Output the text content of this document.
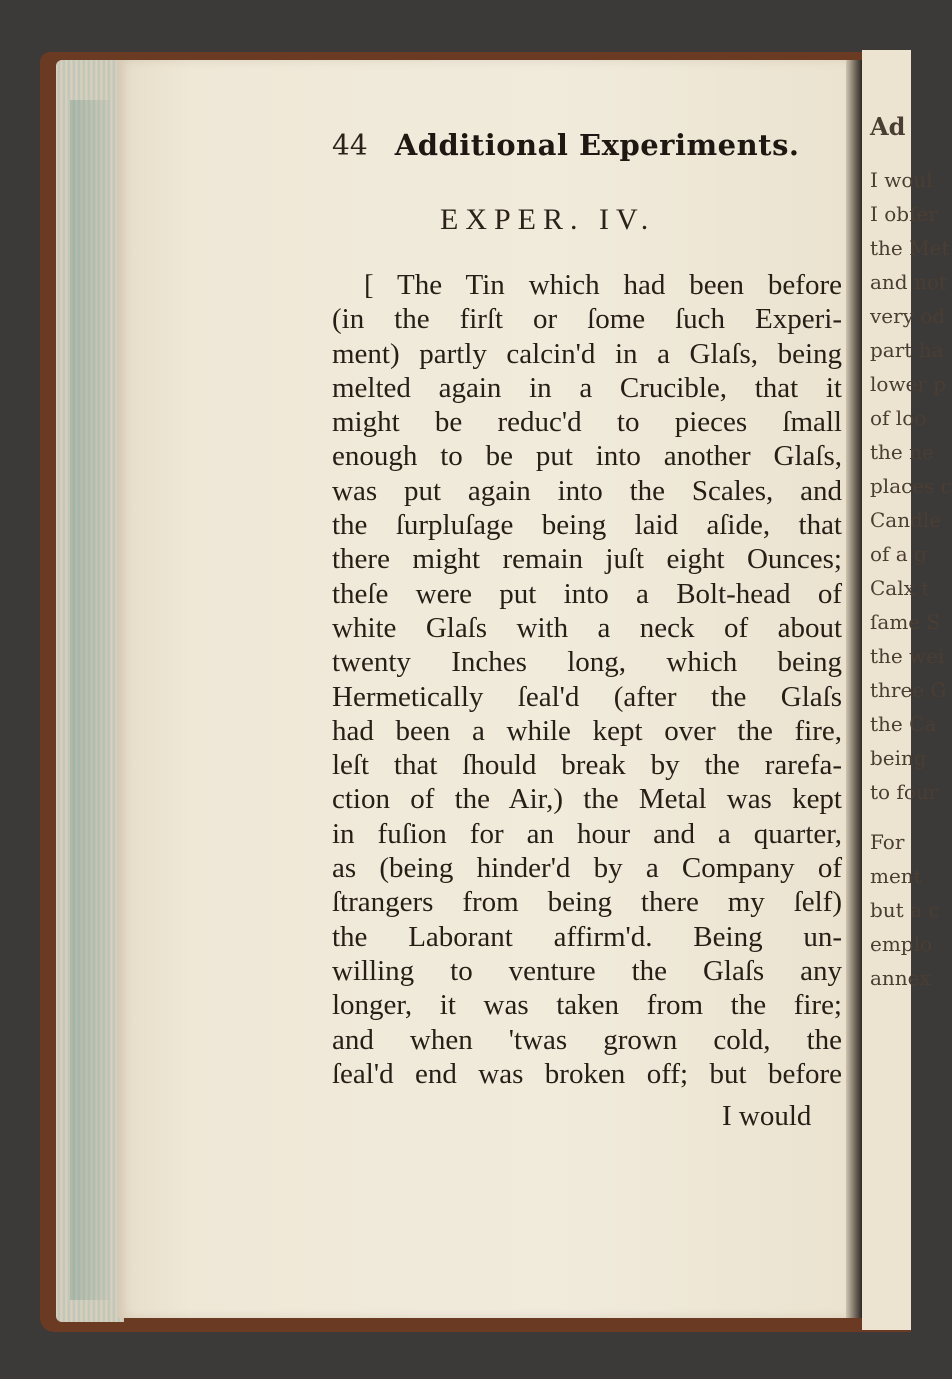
Ad
I woul
I obſer
the Met
and not
very od
part ha
lower p
of loo
the ne
places c
Candle
of a g
Calx t
ſame S
the wei
three G
the Ca
being
to four
For
ment
but a c
emplo
annex
44 Additional Experiments.
EXPER. IV.
[ The Tin which had been before
(in the firſt or ſome ſuch Experi-
ment) partly calcin'd in a Glaſs, being
melted again in a Crucible, that it
might be reduc'd to pieces ſmall
enough to be put into another Glaſs,
was put again into the Scales, and
the ſurpluſage being laid aſide, that
there might remain juſt eight Ounces;
theſe were put into a Bolt-head of
white Glaſs with a neck of about
twenty Inches long, which being
Hermetically ſeal'd (after the Glaſs
had been a while kept over the fire,
leſt that ſhould break by the rarefa-
ction of the Air,) the Metal was kept
in fuſion for an hour and a quarter,
as (being hinder'd by a Company of
ſtrangers from being there my ſelf)
the Laborant affirm'd. Being un-
willing to venture the Glaſs any
longer, it was taken from the fire;
and when 'twas grown cold, the
ſeal'd end was broken off; but before
I would
